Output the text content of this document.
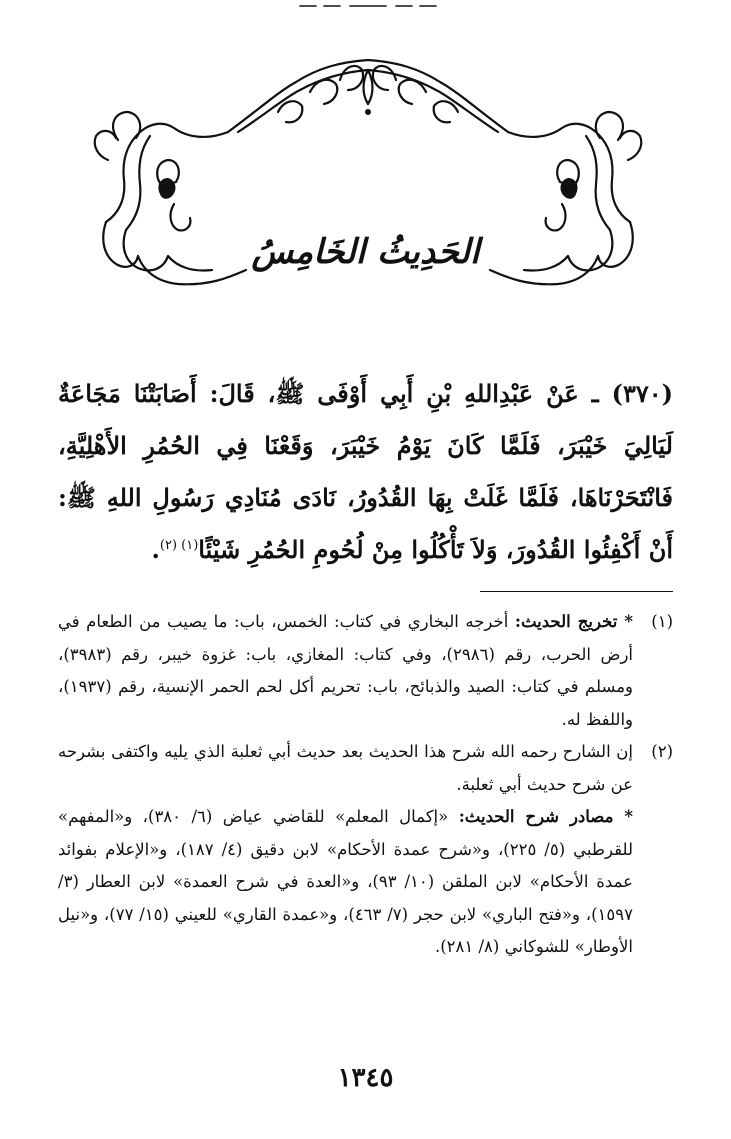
الحَدِيثُ الخَامِسُ
(٣٧٠) ـ عَنْ عَبْدِاللهِ بْنِ أَبِي أَوْفَى ﷺ، قَالَ: أَصَابَتْنَا مَجَاعَةٌ لَيَالِيَ خَيْبَرَ، فَلَمَّا كَانَ يَوْمُ خَيْبَرَ، وَقَعْنَا فِي الحُمُرِ الأَهْلِيَّةِ، فَانْتَحَرْنَاهَا، فَلَمَّا غَلَتْ بِهَا القُدُورُ، نَادَى مُنَادِي رَسُولِ اللهِ ﷺ: أَنْ أَكْفِئُوا القُدُورَ، وَلاَ تَأْكُلُوا مِنْ لُحُومِ الحُمُرِ شَيْئًا$^{(١) (٢)}$.
(١)
* تخريج الحديث: أخرجه البخاري في كتاب: الخمس، باب: ما يصيب من الطعام في أرض الحرب، رقم (٢٩٨٦)، وفي كتاب: المغازي، باب: غزوة خيبر، رقم (٣٩٨٣)، ومسلم في كتاب: الصيد والذبائح، باب: تحريم أكل لحم الحمر الإنسية، رقم (١٩٣٧)، واللفظ له.
(٢)
إن الشارح رحمه الله شرح هذا الحديث بعد حديث أبي ثعلبة الذي يليه واكتفى بشرحه عن شرح حديث أبي ثعلبة.
* مصادر شرح الحديث: «إكمال المعلم» للقاضي عياض (٦/ ٣٨٠)، و«المفهم» للقرطبي (٥/ ٢٢٥)، و«شرح عمدة الأحكام» لابن دقيق (٤/ ١٨٧)، و«الإعلام بفوائد عمدة الأحكام» لابن الملقن (١٠/ ٩٣)، و«العدة في شرح العمدة» لابن العطار (٣/ ١٥٩٧)، و«فتح الباري» لابن حجر (٧/ ٤٦٣)، و«عمدة القاري» للعيني (١٥/ ٧٧)، و«نيل الأوطار» للشوكاني (٨/ ٢٨١).
١٣٤٥
